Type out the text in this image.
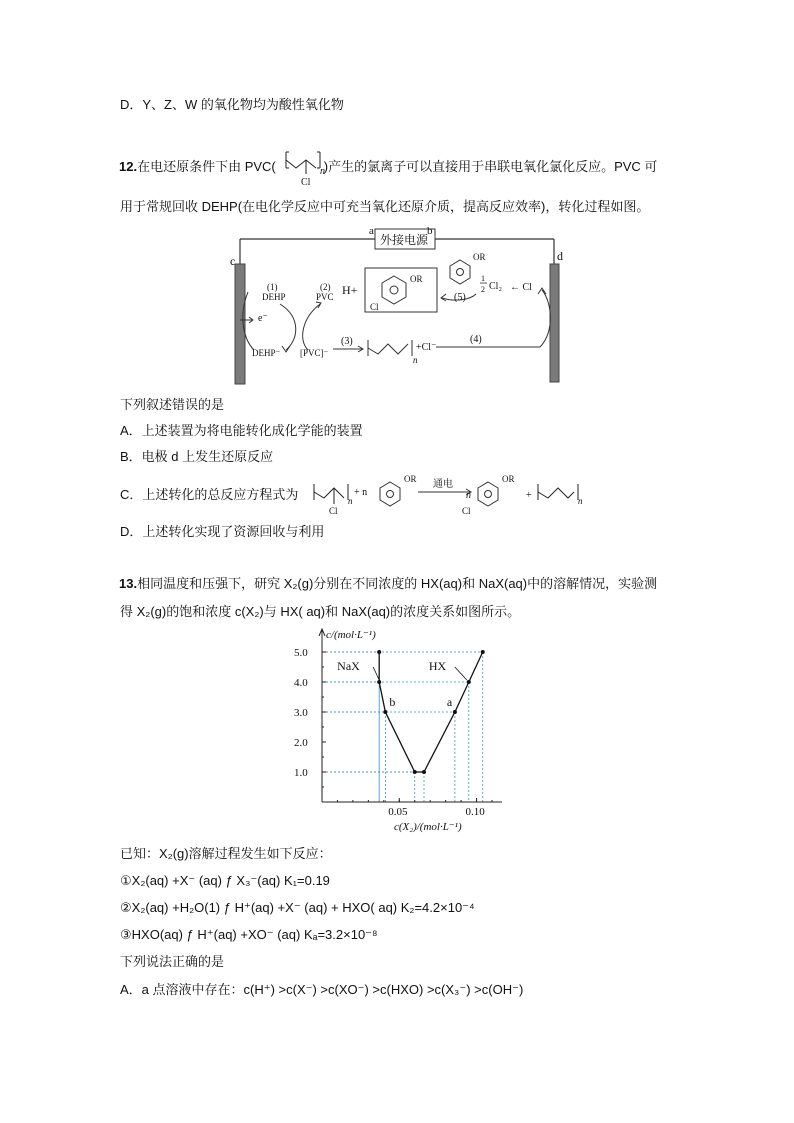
D．Y、Z、W 的氧化物均为酸性氧化物
12.在电还原条件下由 PVC(	)产生的氯离子可以直接用于串联电氧化氯化反应。PVC 可
Cl
n
用于常规回收 DEHP(在电化学反应中可充当氧化还原介质，提高反应效率)，转化过程如图。
外接电源
a	b
c	d
(1)
DEHP
(2)
PVC
e⁻
DEHP⁻ [PVC]⁻
(3)
n
+Cl⁻
(4)
H+
OR
Cl
OR
1
2 Cl₂ ← Cl
(5)
下列叙述错误的是
A．上述装置为将电能转化成化学能的装置
B．电极 d 上发生还原反应
C．上述转化的总反应方程式为
Cl
n
+ n
OR 通电
n
OR
Cl
+	n
D．上述转化实现了资源回收与利用
13.相同温度和压强下，研究 X₂(g)分别在不同浓度的 HX(aq)和 NaX(aq)中的溶解情况，实验测
得 X₂(g)的饱和浓度 c(X₂)与 HX( aq)和 NaX(aq)的浓度关系如图所示。
1.0
2.0
3.0
4.0
5.0
0.05	0.10
c/(mol·L⁻¹)
c(X₂)/(mol·L⁻¹)
NaX	HX
b	a
已知：X₂(g)溶解过程发生如下反应：
①X₂(aq) +X⁻ (aq) ƒ X₃⁻(aq) K₁=0.19
②X₂(aq) +H₂O(1) ƒ H⁺(aq) +X⁻ (aq) + HXO( aq) K₂=4.2×10⁻⁴
③HXO(aq) ƒ H⁺(aq) +XO⁻ (aq) Kₐ=3.2×10⁻⁸
下列说法正确的是
A．a 点溶液中存在：c(H⁺) >c(X⁻) >c(XO⁻) >c(HXO) >c(X₃⁻) >c(OH⁻)
